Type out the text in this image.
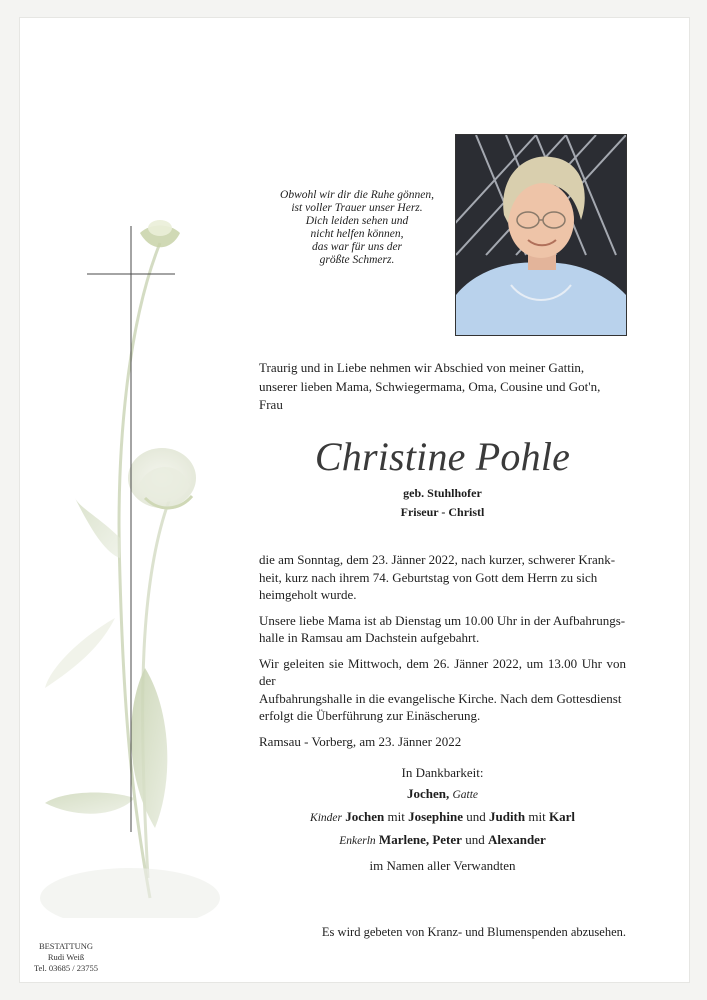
Obwohl wir dir die Ruhe gönnen,
ist voller Trauer unser Herz.
Dich leiden sehen und
nicht helfen können,
das war für uns der
größte Schmerz.
Traurig und in Liebe nehmen wir Abschied von meiner Gattin,
unserer lieben Mama, Schwiegermama, Oma, Cousine und Got'n,
Frau
Christine Pohle
geb. Stuhlhofer
Friseur - Christl

die am Sonntag, dem 23. Jänner 2022, nach kurzer, schwerer Krank-
heit, kurz nach ihrem 74. Geburtstag von Gott dem Herrn zu sich
heimgeholt wurde.

Unsere liebe Mama ist ab Dienstag um 10.00 Uhr in der Aufbahrungs-
halle in Ramsau am Dachstein aufgebahrt.

Wir geleiten sie Mittwoch, dem 26. Jänner 2022, um 13.00 Uhr von der
Aufbahrungshalle in die evangelische Kirche. Nach dem Gottesdienst
erfolgt die Überführung zur Einäscherung.

Ramsau - Vorberg, am 23. Jänner 2022

In Dankbarkeit:
Jochen, Gatte
Kinder Jochen mit Josephine und Judith mit Karl
Enkerln Marlene, Peter und Alexander
im Namen aller Verwandten
Es wird gebeten von Kranz- und Blumenspenden abzusehen.
BESTATTUNG
Rudi Weiß
Tel. 03685 / 23755
